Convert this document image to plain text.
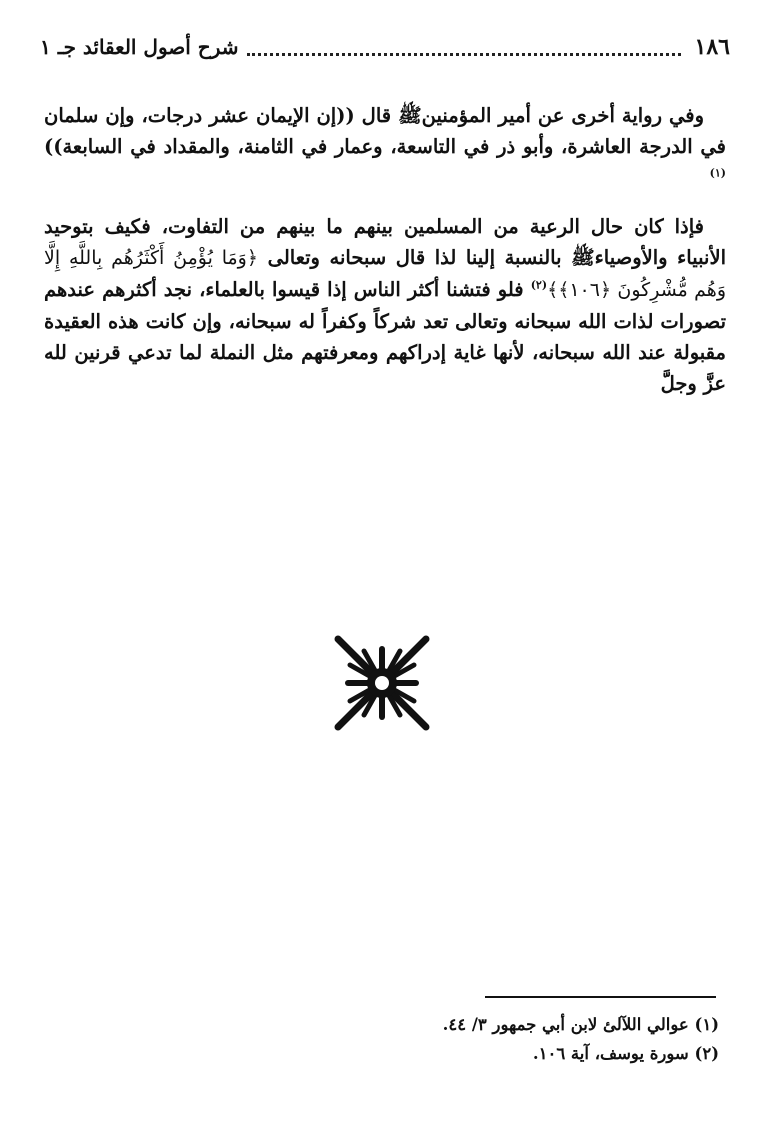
١٨٦
شرح أصول العقائد جـ ١

وفي رواية أخرى عن أمير المؤمنينﷺ قال ((إن الإيمان عشر درجات، وإن سلمان في الدرجة العاشرة، وأبو ذر في التاسعة، وعمار في الثامنة، والمقداد في السابعة))$^{(١)}$

فإذا كان حال الرعية من المسلمين بينهم ما بينهم من التفاوت، فكيف بتوحيد الأنبياء والأوصياءﷺ بالنسبة إلينا لذا قال سبحانه وتعالى ﴿وَمَا يُؤْمِنُ أَكْثَرُهُم بِاللَّهِ إِلَّا وَهُم مُّشْرِكُونَ ﴿١٠٦﴾﴾$^{(٢)}$ فلو فتشنا أكثر الناس إذا قيسوا بالعلماء، نجد أكثرهم عندهم تصورات لذات الله سبحانه وتعالى تعد شركاً وكفراً له سبحانه، وإن كانت هذه العقيدة مقبولة عند الله سبحانه، لأنها غاية إدراكهم ومعرفتهم مثل النملة لما تدعي قرنين لله عزَّ وجلَّ

(١) عوالي اللآلئ لابن أبي جمهور ٣/ ٤٤.
(٢) سورة يوسف، آية ١٠٦.
